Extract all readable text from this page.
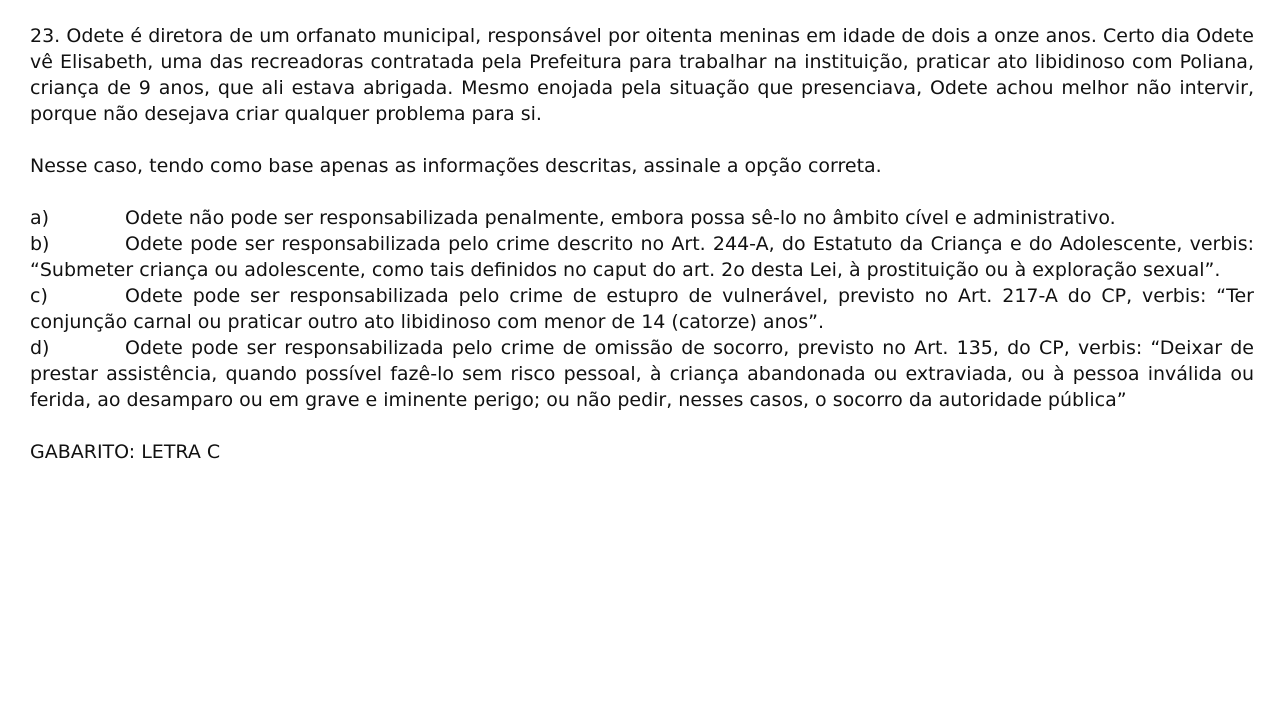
23. Odete é diretora de um orfanato municipal, responsável por oitenta meninas em idade de dois a onze anos. Certo dia Odete vê Elisabeth, uma das recreadoras contratada pela Prefeitura para trabalhar na instituição, praticar ato libidinoso com Poliana, criança de 9 anos, que ali estava abrigada. Mesmo enojada pela situação que presenciava, Odete achou melhor não intervir, porque não desejava criar qualquer problema para si.

Nesse caso, tendo como base apenas as informações descritas, assinale a opção correta.

a)	Odete não pode ser responsabilizada penalmente, embora possa sê-lo no âmbito cível e administrativo.

b)	Odete pode ser responsabilizada pelo crime descrito no Art. 244-A, do Estatuto da Criança e do Adolescente, verbis: “Submeter criança ou adolescente, como tais definidos no caput do art. 2o desta Lei, à prostituição ou à exploração sexual”.

c)	Odete pode ser responsabilizada pelo crime de estupro de vulnerável, previsto no Art. 217-A do CP, verbis: “Ter conjunção carnal ou praticar outro ato libidinoso com menor de 14 (catorze) anos”.

d)	Odete pode ser responsabilizada pelo crime de omissão de socorro, previsto no Art. 135, do CP, verbis: “Deixar de prestar assistência, quando possível fazê-lo sem risco pessoal, à criança abandonada ou extraviada, ou à pessoa inválida ou ferida, ao desamparo ou em grave e iminente perigo; ou não pedir, nesses casos, o socorro da autoridade pública”

GABARITO: LETRA C
